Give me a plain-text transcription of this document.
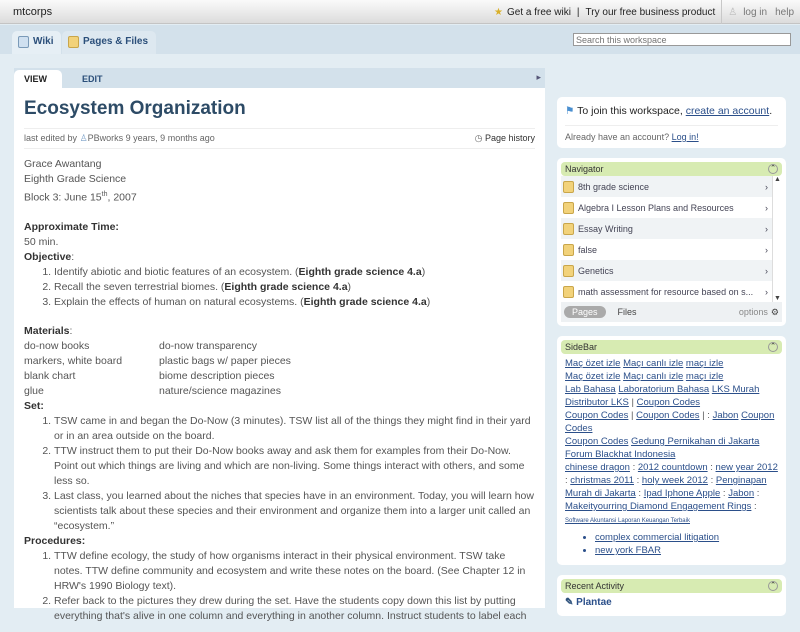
mtcorps	★ Get a free wiki | Try our free business product ♙ log in help
Wiki	Pages & Files
Search this workspace
VIEW	EDIT	▸
Ecosystem Organization
last edited by ♙PBworks 9 years, 9 months ago	◷ Page history
Grace Awantang
Eighth Grade Science
Block 3: June 15th, 2007
Approximate Time:
50 min.
Objective:
1. Identify abiotic and biotic features of an ecosystem. (Eighth grade science 4.a)
2. Recall the seven terrestrial biomes. (Eighth grade science 4.a)
3. Explain the effects of human on natural ecosystems. (Eighth grade science 4.a)
Materials:
do-now books	do-now transparency
markers, white board	plastic bags w/ paper pieces
blank chart	biome description pieces
glue	nature/science magazines
Set:
1. TSW came in and began the Do-Now (3 minutes). TSW list all of the things they might find in their yard or in an area outside on the board.
2. TTW instruct them to put their Do-Now books away and ask them for examples from their Do-Now. Point out which things are living and which are non-living. Some things interact with others, and some less so.
3. Last class, you learned about the niches that species have in an environment. Today, you will learn how scientists talk about these species and their environment and organize them into a larger unit called an “ecosystem.”
Procedures:
1. TTW define ecology, the study of how organisms interact in their physical environment. TSW take notes. TTW define community and ecosystem and write these notes on the board. (See Chapter 12 in HRW's 1990 Biology text).
2. Refer back to the pictures they drew during the set. Have the students copy down this list by putting everything that's alive in one column and everything in another column. Instruct students to label each
⚑ To join this workspace, create an account.
Already have an account? Log in!
Navigator	⌃
8th grade science	›
Algebra I Lesson Plans and Resources	›
Essay Writing	›
false	›
Genetics	›
math assessment for resource based on s...	›
▲
▼
Pages	Files	options ⚙
SideBar	⌃
Maç özet izle Maçı canlı izle maçı izle
Maç özet izle Maçı canlı izle maçı izle
Lab Bahasa Laboratorium Bahasa LKS Murah Distributor LKS | Coupon Codes
Coupon Codes | Coupon Codes | : Jabon Coupon Codes
Coupon Codes Gedung Pernikahan di Jakarta Forum Blackhat Indonesia
chinese dragon : 2012 countdown : new year 2012 : christmas 2011 : holy week 2012 : Penginapan Murah di Jakarta : Ipad Iphone Apple : Jabon : Makeityourring Diamond Engagement Rings : Software Akuntansi Laporan Keuangan Terbaik
• complex commercial litigation
• new york FBAR
Recent Activity	⌃
✎ Plantae
